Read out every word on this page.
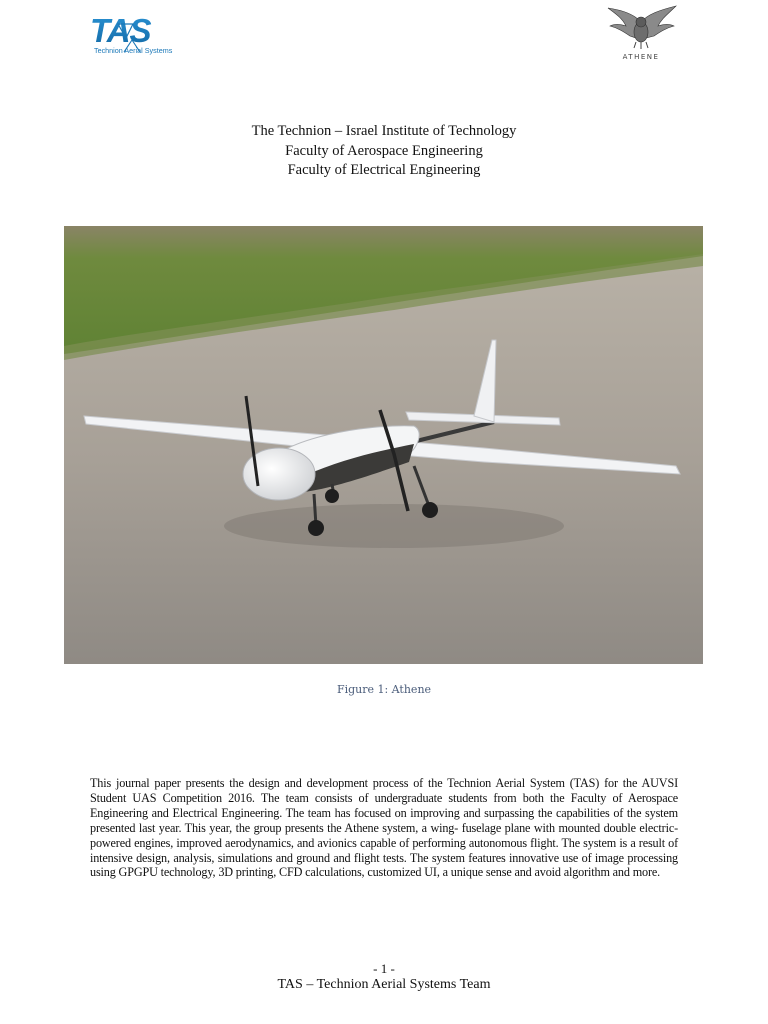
TAS
Technion Aerial Systems
ATHENE
The Technion – Israel Institute of Technology
Faculty of Aerospace Engineering
Faculty of Electrical Engineering
Figure 1: Athene
This journal paper presents the design and development process of the Technion Aerial System (TAS) for the AUVSI Student UAS Competition 2016. The team consists of undergraduate students from both the Faculty of Aerospace Engineering and Electrical Engineering. The team has focused on improving and surpassing the capabilities of the system presented last year. This year, the group presents the Athene system, a wing- fuselage plane with mounted double electric-powered engines, improved aerodynamics, and avionics capable of performing autonomous flight. The system is a result of intensive design, analysis, simulations and ground and flight tests. The system features innovative use of image processing using GPGPU technology, 3D printing, CFD calculations, customized UI, a unique sense and avoid algorithm and more.
- 1 -
TAS – Technion Aerial Systems Team
